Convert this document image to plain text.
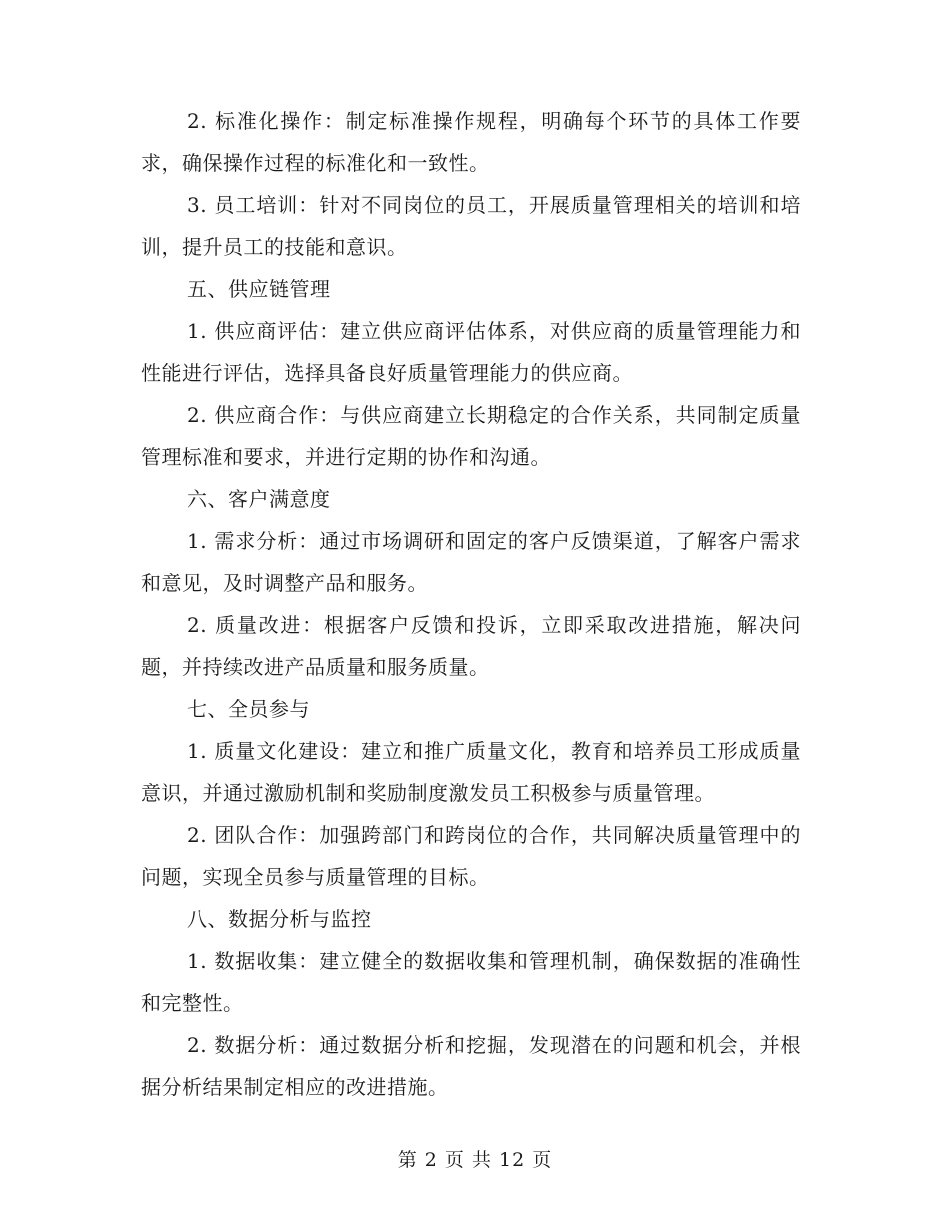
2. 标准化操作：制定标准操作规程，明确每个环节的具体工作要求，确保操作过程的标准化和一致性。

3. 员工培训：针对不同岗位的员工，开展质量管理相关的培训和培训，提升员工的技能和意识。

五、供应链管理

1. 供应商评估：建立供应商评估体系，对供应商的质量管理能力和性能进行评估，选择具备良好质量管理能力的供应商。

2. 供应商合作：与供应商建立长期稳定的合作关系，共同制定质量管理标准和要求，并进行定期的协作和沟通。

六、客户满意度

1. 需求分析：通过市场调研和固定的客户反馈渠道，了解客户需求和意见，及时调整产品和服务。

2. 质量改进：根据客户反馈和投诉，立即采取改进措施，解决问题，并持续改进产品质量和服务质量。

七、全员参与

1. 质量文化建设：建立和推广质量文化，教育和培养员工形成质量意识，并通过激励机制和奖励制度激发员工积极参与质量管理。

2. 团队合作：加强跨部门和跨岗位的合作，共同解决质量管理中的问题，实现全员参与质量管理的目标。

八、数据分析与监控

1. 数据收集：建立健全的数据收集和管理机制，确保数据的准确性和完整性。

2. 数据分析：通过数据分析和挖掘，发现潜在的问题和机会，并根据分析结果制定相应的改进措施。

第 2 页 共 12 页
